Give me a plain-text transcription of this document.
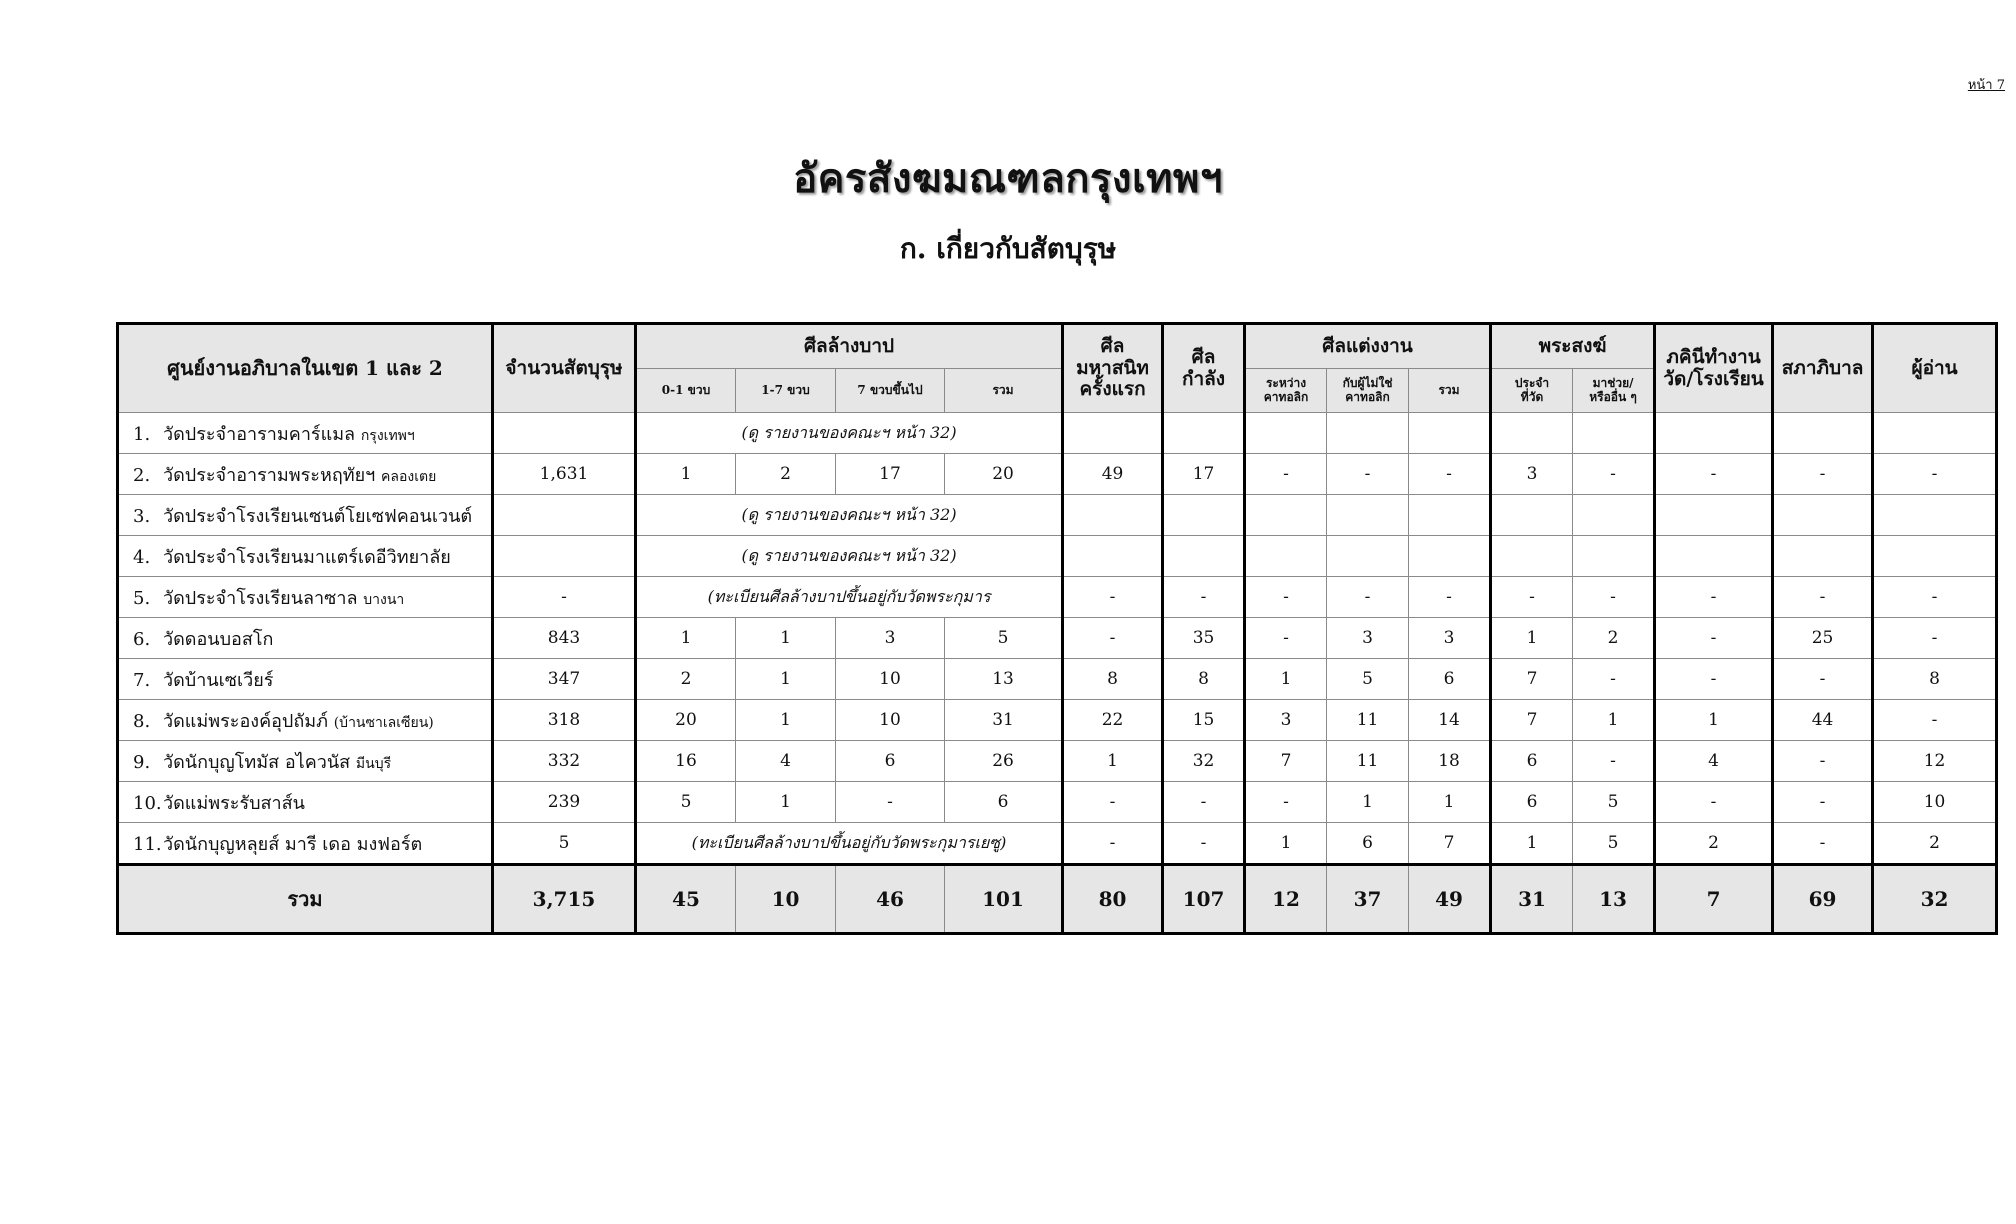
หน้า 7
อัครสังฆมณฑลกรุงเทพฯ
ก. เกี่ยวกับสัตบุรุษ
ศูนย์งานอภิบาลในเขต 1 และ 2	จำนวนสัตบุรุษ	ศีลล้างบาป				ศีล
มหาสนิท
ครั้งแรก	ศีล
กำลัง	ศีลแต่งงาน			พระสงฆ์		ภคินีทำงาน
วัด/โรงเรียน	สภาภิบาล	ผู้อ่าน
		0-1 ขวบ	1-7 ขวบ	7 ขวบขึ้นไป	รวม			ระหว่าง
คาทอลิก	กับผู้ไม่ใช่
คาทอลิก	รวม	ประจำ
ที่วัด	มาช่วย/
หรืออื่น ๆ			
1. วัดประจำอารามคาร์แมล กรุงเทพฯ		(ดู รายงานของคณะฯ หน้า 32)													
2. วัดประจำอารามพระหฤทัยฯ คลองเตย	1,631	1	2	17	20	49	17	-	-	-	3	-	-	-	-
3. วัดประจำโรงเรียนเซนต์โยเซฟคอนเวนต์		(ดู รายงานของคณะฯ หน้า 32)													
4. วัดประจำโรงเรียนมาแตร์เดอีวิทยาลัย		(ดู รายงานของคณะฯ หน้า 32)													
5. วัดประจำโรงเรียนลาซาล บางนา	-	(ทะเบียนศีลล้างบาปขึ้นอยู่กับวัดพระกุมาร				-	-	-	-	-	-	-	-	-	-
6. วัดดอนบอสโก	843	1	1	3	5	-	35	-	3	3	1	2	-	25	-
7. วัดบ้านเซเวียร์	347	2	1	10	13	8	8	1	5	6	7	-	-	-	8
8. วัดแม่พระองค์อุปถัมภ์ (บ้านซาเลเซียน)	318	20	1	10	31	22	15	3	11	14	7	1	1	44	-
9. วัดนักบุญโทมัส อไควนัส มีนบุรี	332	16	4	6	26	1	32	7	11	18	6	-	4	-	12
10.วัดแม่พระรับสาส์น	239	5	1	-	6	-	-	-	1	1	6	5	-	-	10
11.วัดนักบุญหลุยส์ มารี เดอ มงฟอร์ต	5	(ทะเบียนศีลล้างบาปขึ้นอยู่กับวัดพระกุมารเยซู)				-	-	1	6	7	1	5	2	-	2
รวม	3,715	45	10	46	101	80	107	12	37	49	31	13	7	69	32
